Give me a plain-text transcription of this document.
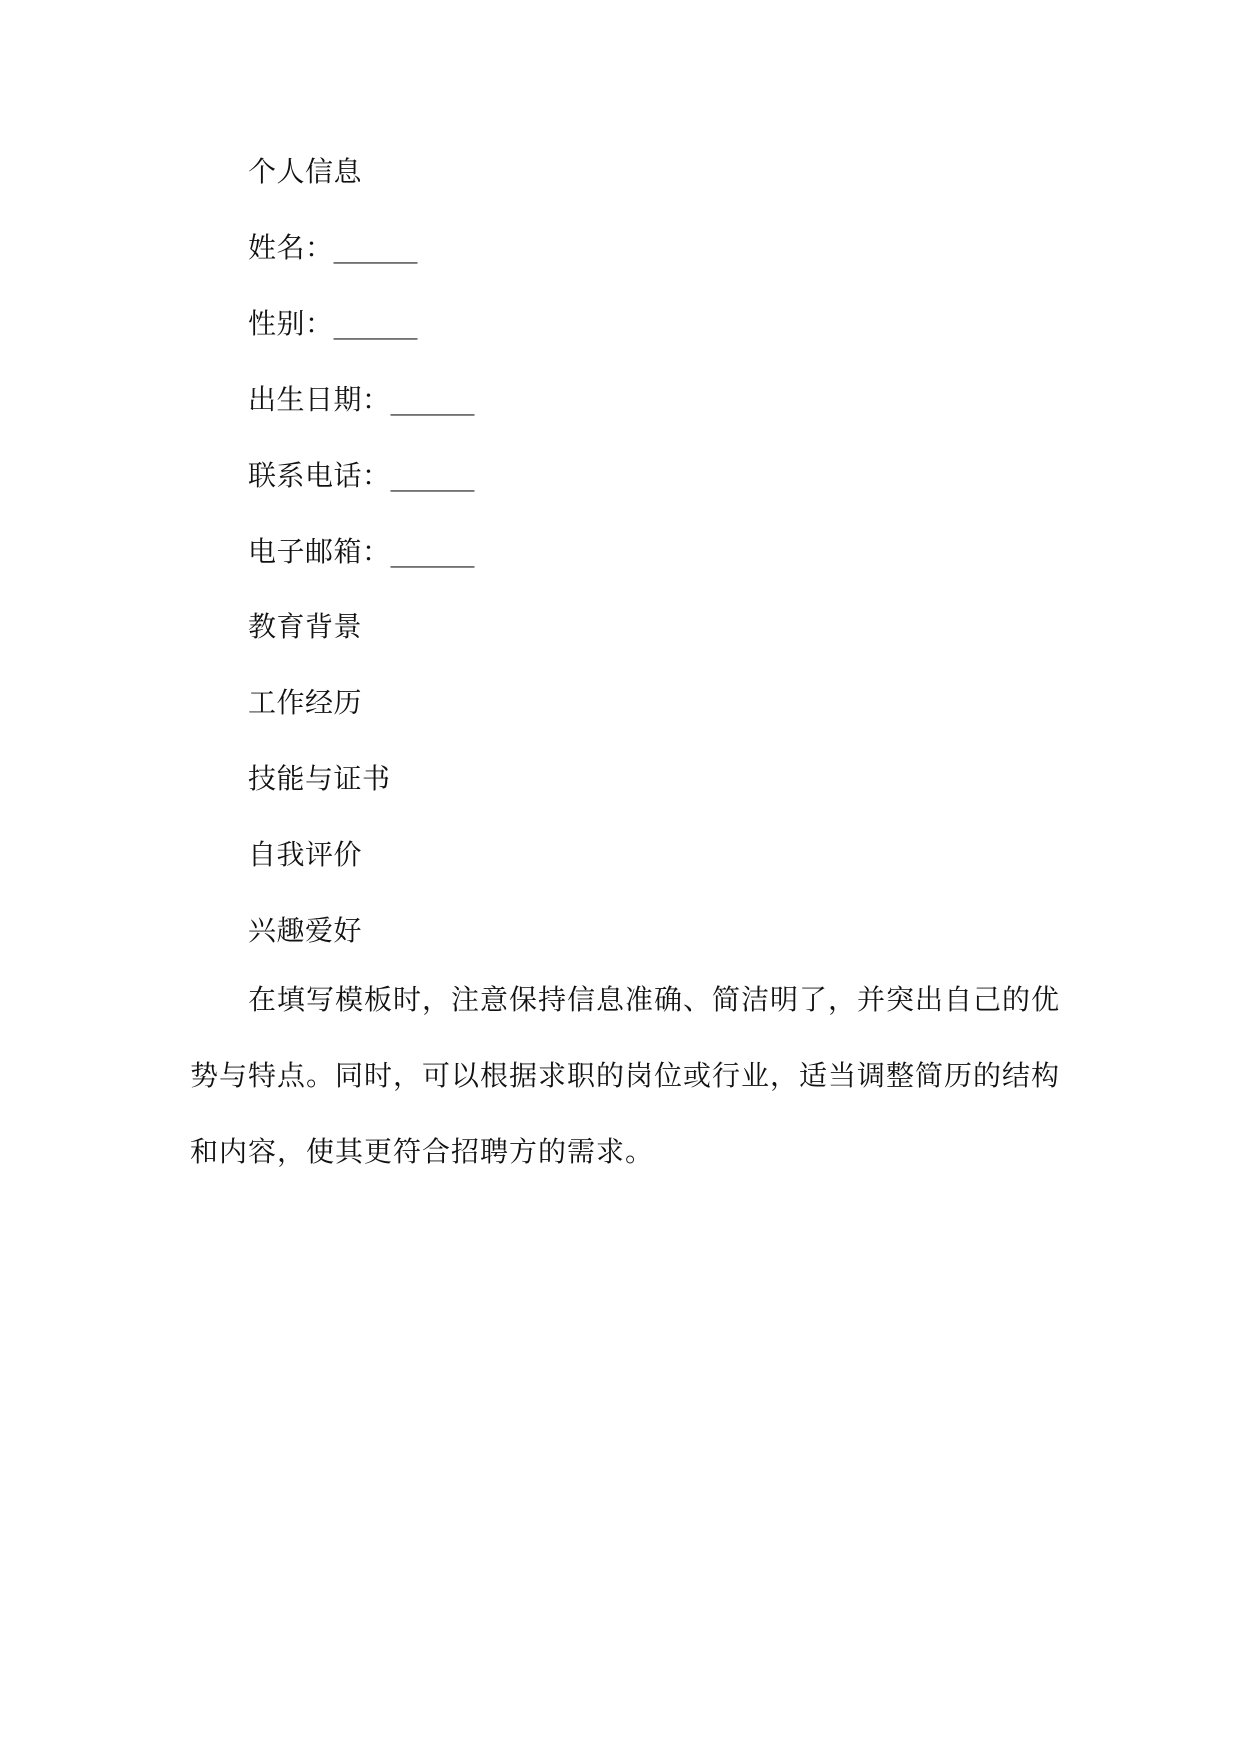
个人信息
姓名：______
性别：______
出生日期：______
联系电话：______
电子邮箱：______
教育背景
工作经历
技能与证书
自我评价
兴趣爱好
在填写模板时，注意保持信息准确、简洁明了，并突出自己的优势与特点。同时，可以根据求职的岗位或行业，适当调整简历的结构和内容，使其更符合招聘方的需求。
